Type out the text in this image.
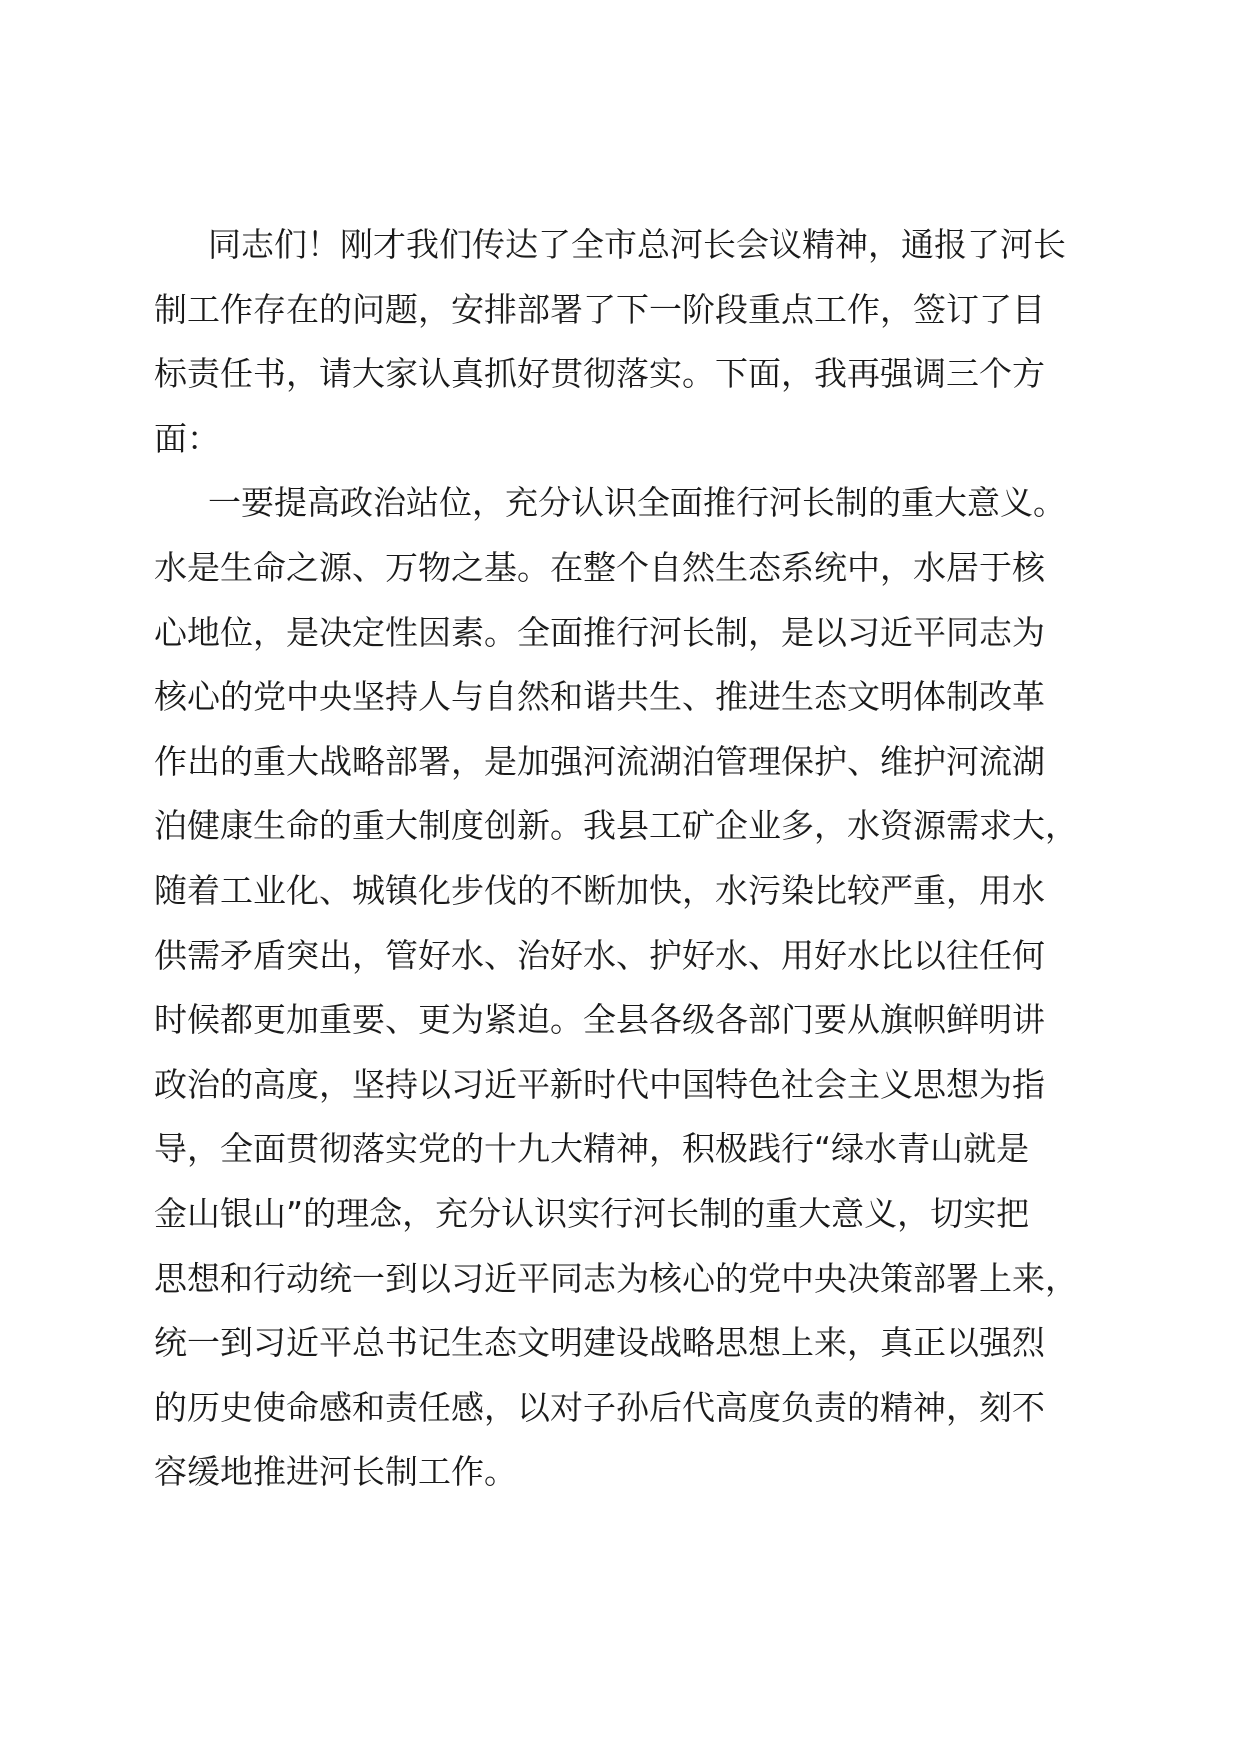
同志们！刚才我们传达了全市总河长会议精神，通报了河长
制工作存在的问题，安排部署了下一阶段重点工作，签订了目
标责任书，请大家认真抓好贯彻落实。下面，我再强调三个方
面：
一要提高政治站位，充分认识全面推行河长制的重大意义。
水是生命之源、万物之基。在整个自然生态系统中，水居于核
心地位，是决定性因素。全面推行河长制，是以习近平同志为
核心的党中央坚持人与自然和谐共生、推进生态文明体制改革
作出的重大战略部署，是加强河流湖泊管理保护、维护河流湖
泊健康生命的重大制度创新。我县工矿企业多，水资源需求大，
随着工业化、城镇化步伐的不断加快，水污染比较严重，用水
供需矛盾突出，管好水、治好水、护好水、用好水比以往任何
时候都更加重要、更为紧迫。全县各级各部门要从旗帜鲜明讲
政治的高度，坚持以习近平新时代中国特色社会主义思想为指
导，全面贯彻落实党的十九大精神，积极践行“绿水青山就是
金山银山”的理念，充分认识实行河长制的重大意义，切实把
思想和行动统一到以习近平同志为核心的党中央决策部署上来，
统一到习近平总书记生态文明建设战略思想上来，真正以强烈
的历史使命感和责任感，以对子孙后代高度负责的精神，刻不
容缓地推进河长制工作。
